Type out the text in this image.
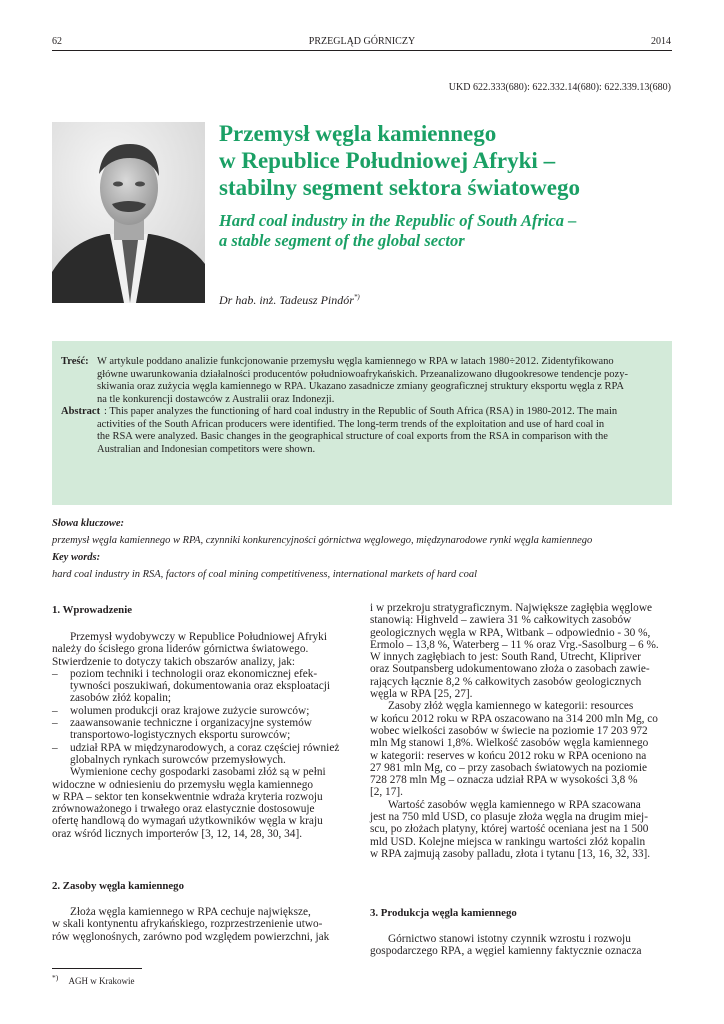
62	PRZEGLĄD GÓRNICZY	2014
UKD 622.333(680): 622.332.14(680): 622.339.13(680)
Przemysł węgla kamiennego
w Republice Południowej Afryki –
stabilny segment sektora światowego
Hard coal industry in the Republic of South Africa –
a stable segment of the global sector
Dr hab. inż. Tadeusz Pindór*)
Treść: W artykule poddano analizie funkcjonowanie przemysłu węgla kamiennego w RPA w latach 1980÷2012. Zidentyfikowano
główne uwarunkowania działalności producentów południowoafrykańskich. Przeanalizowano długookresowe tendencje pozy-
skiwania oraz zużycia węgla kamiennego w RPA. Ukazano zasadnicze zmiany geograficznej struktury eksportu węgla z RPA
na tle konkurencji dostawców z Australii oraz Indonezji.
Abstract : This paper analyzes the functioning of hard coal industry in the Republic of South Africa (RSA) in 1980-2012. The main
activities of the South African producers were identified. The long-term trends of the exploitation and use of hard coal in
the RSA were analyzed. Basic changes in the geographical structure of coal exports from the RSA in comparison with the
Australian and Indonesian competitors were shown.
Słowa kluczowe:
przemysł węgla kamiennego w RPA, czynniki konkurencyjności górnictwa węglowego, międzynarodowe rynki węgla kamiennego
Key words:
hard coal industry in RSA, factors of coal mining competitiveness, international markets of hard coal
1. Wprowadzenie

Przemysł wydobywczy w Republice Południowej Afryki
należy do ścisłego grona liderów górnictwa światowego.
Stwierdzenie to dotyczy takich obszarów analizy, jak:

– poziom techniki i technologii oraz ekonomicznej efek-
tywności poszukiwań, dokumentowania oraz eksploatacji
zasobów złóż kopalin;
– wolumen produkcji oraz krajowe zużycie surowców;
– zaawansowanie techniczne i organizacyjne systemów
transportowo-logistycznych eksportu surowców;
– udział RPA w międzynarodowych, a coraz częściej również
globalnych rynkach surowców przemysłowych.

Wymienione cechy gospodarki zasobami złóż są w pełni
widoczne w odniesieniu do przemysłu węgla kamiennego
w RPA – sektor ten konsekwentnie wdraża kryteria rozwoju
zrównoważonego i trwałego oraz elastycznie dostosowuje
ofertę handlową do wymagań użytkowników węgla w kraju
oraz wśród licznych importerów [3, 12, 14, 28, 30, 34].

2. Zasoby węgla kamiennego

Złoża węgla kamiennego w RPA cechuje największe,
w skali kontynentu afrykańskiego, rozprzestrzenienie utwo-
rów węglonośnych, zarówno pod względem powierzchni, jak

*) AGH w Krakowie

i w przekroju stratygraficznym. Największe zagłębia węglowe
stanowią: Highveld – zawiera 31 % całkowitych zasobów
geologicznych węgla w RPA, Witbank – odpowiednio - 30 %,
Ermolo – 13,8 %, Waterberg – 11 % oraz Vrg.-Sasolburg – 6 %.
W innych zagłębiach to jest: South Rand, Utrecht, Klipriver
oraz Soutpansberg udokumentowano złoża o zasobach zawie-
rających łącznie 8,2 % całkowitych zasobów geologicznych
węgla w RPA [25, 27].

Zasoby złóż węgla kamiennego w kategorii: resources
w końcu 2012 roku w RPA oszacowano na 314 200 mln Mg, co
wobec wielkości zasobów w świecie na poziomie 17 203 972
mln Mg stanowi 1,8%. Wielkość zasobów węgla kamiennego
w kategorii: reserves w końcu 2012 roku w RPA oceniono na
27 981 mln Mg, co – przy zasobach światowych na poziomie
728 278 mln Mg – oznacza udział RPA w wysokości 3,8 %
[2, 17].

Wartość zasobów węgla kamiennego w RPA szacowana
jest na 750 mld USD, co plasuje złoża węgla na drugim miej-
scu, po złożach platyny, której wartość oceniana jest na 1 500
mld USD. Kolejne miejsca w rankingu wartości złóż kopalin
w RPA zajmują zasoby palladu, złota i tytanu [13, 16, 32, 33].

3. Produkcja węgla kamiennego

Górnictwo stanowi istotny czynnik wzrostu i rozwoju
gospodarczego RPA, a węgiel kamienny faktycznie oznacza
